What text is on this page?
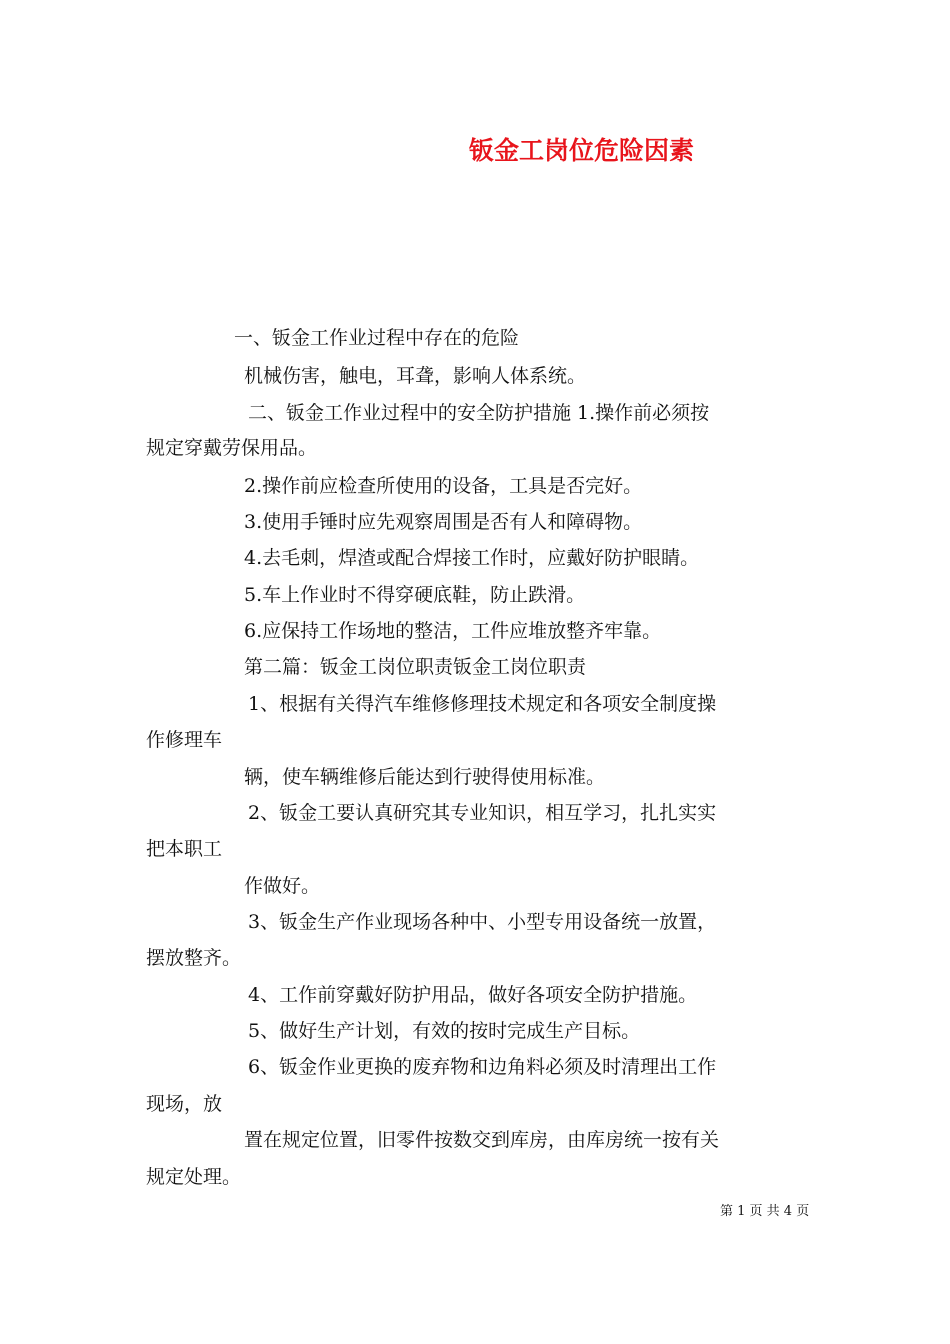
钣金工岗位危险因素
一、钣金工作业过程中存在的危险
机械伤害，触电，耳聋，影响人体系统。
二、钣金工作业过程中的安全防护措施 1.操作前必须按
规定穿戴劳保用品。
2.操作前应检查所使用的设备，工具是否完好。
3.使用手锤时应先观察周围是否有人和障碍物。
4.去毛刺，焊渣或配合焊接工作时，应戴好防护眼睛。
5.车上作业时不得穿硬底鞋，防止跌滑。
6.应保持工作场地的整洁，工件应堆放整齐牢靠。
第二篇：钣金工岗位职责钣金工岗位职责
1、根据有关得汽车维修修理技术规定和各项安全制度操
作修理车
辆，使车辆维修后能达到行驶得使用标准。
2、钣金工要认真研究其专业知识，相互学习，扎扎实实
把本职工
作做好。
3、钣金生产作业现场各种中、小型专用设备统一放置，
摆放整齐。
4、工作前穿戴好防护用品，做好各项安全防护措施。
5、做好生产计划，有效的按时完成生产目标。
6、钣金作业更换的废弃物和边角料必须及时清理出工作
现场，放
置在规定位置，旧零件按数交到库房，由库房统一按有关
规定处理。
第 1 页 共 4 页
